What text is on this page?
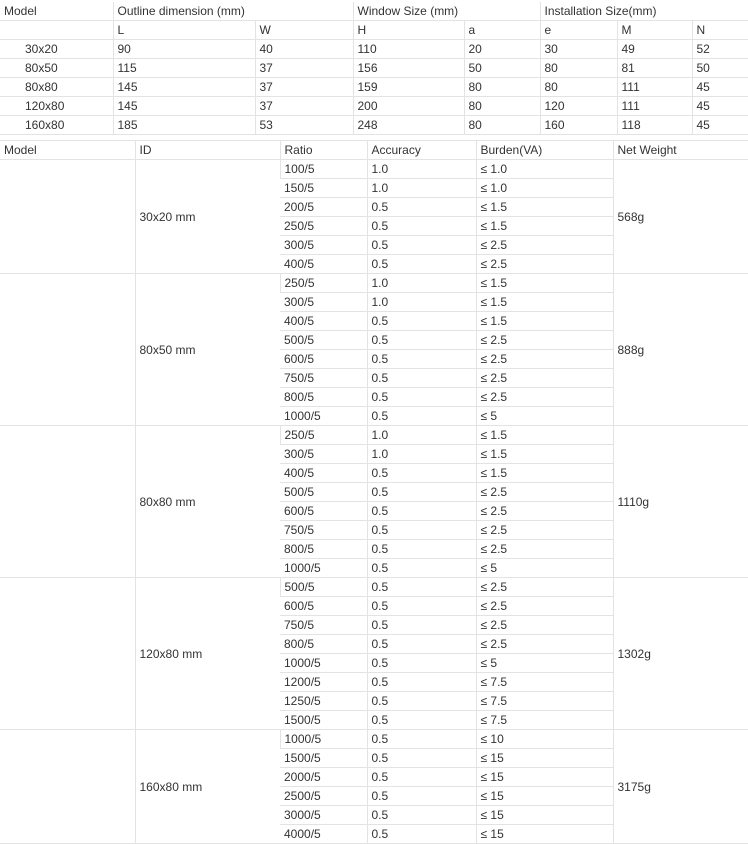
Model	Outline dimension (mm)		Window Size (mm)		Installation Size(mm)		
	L	W	H	a	e	M	N
30x20	90	40	110	20	30	49	52
80x50	115	37	156	50	80	81	50
80x80	145	37	159	80	80	111	45
120x80	145	37	200	80	120	111	45
160x80	185	53	248	80	160	118	45
Model	ID	Ratio	Accuracy	Burden(VA)	Net Weight
	30x20 mm	100/5	1.0	≤ 1.0	568g
		150/5	1.0	≤ 1.0	
		200/5	0.5	≤ 1.5	
		250/5	0.5	≤ 1.5	
		300/5	0.5	≤ 2.5	
		400/5	0.5	≤ 2.5	
	80x50 mm	250/5	1.0	≤ 1.5	888g
		300/5	1.0	≤ 1.5	
		400/5	0.5	≤ 1.5	
		500/5	0.5	≤ 2.5	
		600/5	0.5	≤ 2.5	
		750/5	0.5	≤ 2.5	
		800/5	0.5	≤ 2.5	
		1000/5	0.5	≤ 5	
	80x80 mm	250/5	1.0	≤ 1.5	1110g
		300/5	1.0	≤ 1.5	
		400/5	0.5	≤ 1.5	
		500/5	0.5	≤ 2.5	
		600/5	0.5	≤ 2.5	
		750/5	0.5	≤ 2.5	
		800/5	0.5	≤ 2.5	
		1000/5	0.5	≤ 5	
	120x80 mm	500/5	0.5	≤ 2.5	1302g
		600/5	0.5	≤ 2.5	
		750/5	0.5	≤ 2.5	
		800/5	0.5	≤ 2.5	
		1000/5	0.5	≤ 5	
		1200/5	0.5	≤ 7.5	
		1250/5	0.5	≤ 7.5	
		1500/5	0.5	≤ 7.5	
	160x80 mm	1000/5	0.5	≤ 10	3175g
		1500/5	0.5	≤ 15	
		2000/5	0.5	≤ 15	
		2500/5	0.5	≤ 15	
		3000/5	0.5	≤ 15	
		4000/5	0.5	≤ 15	
